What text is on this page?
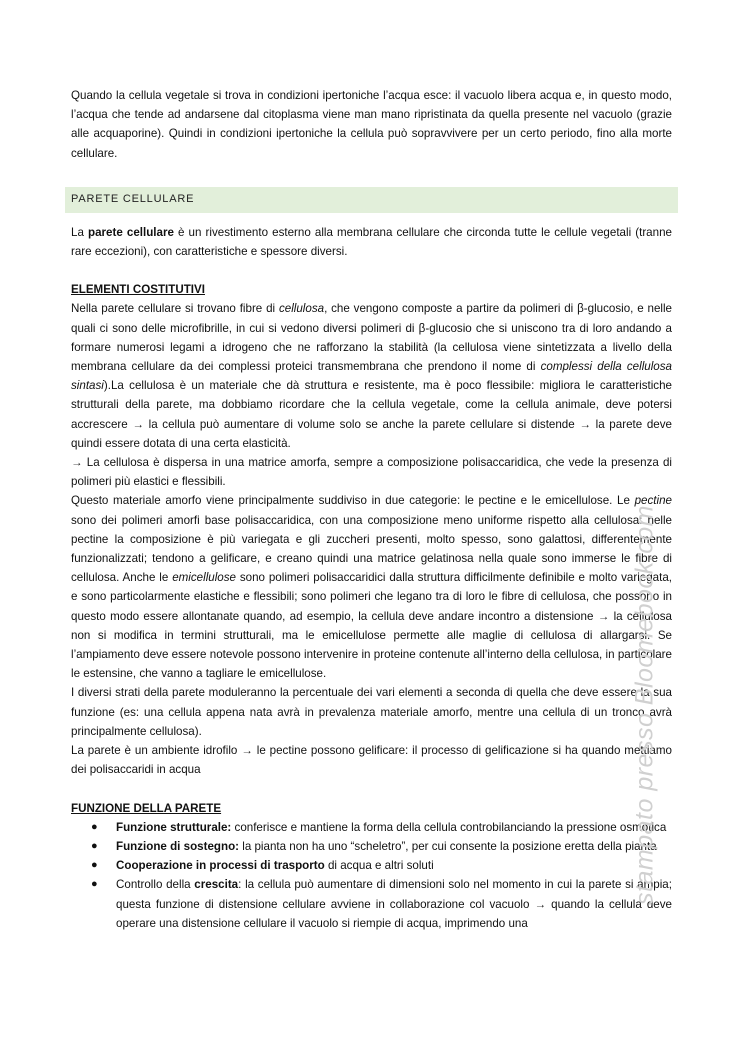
Quando la cellula vegetale si trova in condizioni ipertoniche l’acqua esce: il vacuolo libera acqua e, in questo modo, l’acqua che tende ad andarsene dal citoplasma viene man mano ripristinata da quella presente nel vacuolo (grazie alle acquaporine). Quindi in condizioni ipertoniche la cellula può sopravvivere per un certo periodo, fino alla morte cellulare.

PARETE CELLULARE

La parete cellulare è un rivestimento esterno alla membrana cellulare che circonda tutte le cellule vegetali (tranne rare eccezioni), con caratteristiche e spessore diversi.

ELEMENTI COSTITUTIVI

Nella parete cellulare si trovano fibre di cellulosa, che vengono composte a partire da polimeri di β-glucosio, e nelle quali ci sono delle microfibrille, in cui si vedono diversi polimeri di β-glucosio che si uniscono tra di loro andando a formare numerosi legami a idrogeno che ne rafforzano la stabilità (la cellulosa viene sintetizzata a livello della membrana cellulare da dei complessi proteici transmembrana che prendono il nome di complessi della cellulosa sintasi).La cellulosa è un materiale che dà struttura e resistente, ma è poco flessibile: migliora le caratteristiche strutturali della parete, ma dobbiamo ricordare che la cellula vegetale, come la cellula animale, deve potersi accrescere → la cellula può aumentare di volume solo se anche la parete cellulare si distende → la parete deve quindi essere dotata di una certa elasticità.

→ La cellulosa è dispersa in una matrice amorfa, sempre a composizione polisaccaridica, che vede la presenza di polimeri più elastici e flessibili.

Questo materiale amorfo viene principalmente suddiviso in due categorie: le pectine e le emicellulose. Le pectine sono dei polimeri amorfi base polisaccaridica, con una composizione meno uniforme rispetto alla cellulosa: nelle pectine la composizione è più variegata e gli zuccheri presenti, molto spesso, sono galattosi, differentemente funzionalizzati; tendono a gelificare, e creano quindi una matrice gelatinosa nella quale sono immerse le fibre di cellulosa. Anche le emicellulose sono polimeri polisaccaridici dalla struttura difficilmente definibile e molto variegata, e sono particolarmente elastiche e flessibili; sono polimeri che legano tra di loro le fibre di cellulosa, che possono in questo modo essere allontanate quando, ad esempio, la cellula deve andare incontro a distensione → la cellulosa non si modifica in termini strutturali, ma le emicellulose permette alle maglie di cellulosa di allargarsi. Se l’ampiamento deve essere notevole possono intervenire in proteine contenute all’interno della cellulosa, in particolare le estensine, che vanno a tagliare le emicellulose.

I diversi strati della parete moduleranno la percentuale dei vari elementi a seconda di quella che deve essere la sua funzione (es: una cellula appena nata avrà in prevalenza materiale amorfo, mentre una cellula di un tronco avrà principalmente cellulosa).

La parete è un ambiente idrofilo → le pectine possono gelificare: il processo di gelificazione si ha quando mettiamo dei polisaccaridi in acqua

FUNZIONE DELLA PARETE

● Funzione strutturale: conferisce e mantiene la forma della cellula controbilanciando la pressione osmotica
● Funzione di sostegno: la pianta non ha uno “scheletro”, per cui consente la posizione eretta della pianta
● Cooperazione in processi di trasporto di acqua e altri soluti
● Controllo della crescita: la cellula può aumentare di dimensioni solo nel momento in cui la parete si ampia; questa funzione di distensione cellulare avviene in collaborazione col vacuolo → quando la cellula deve operare una distensione cellulare il vacuolo si riempie di acqua, imprimendo una
stampato presso Bloomebook.com
